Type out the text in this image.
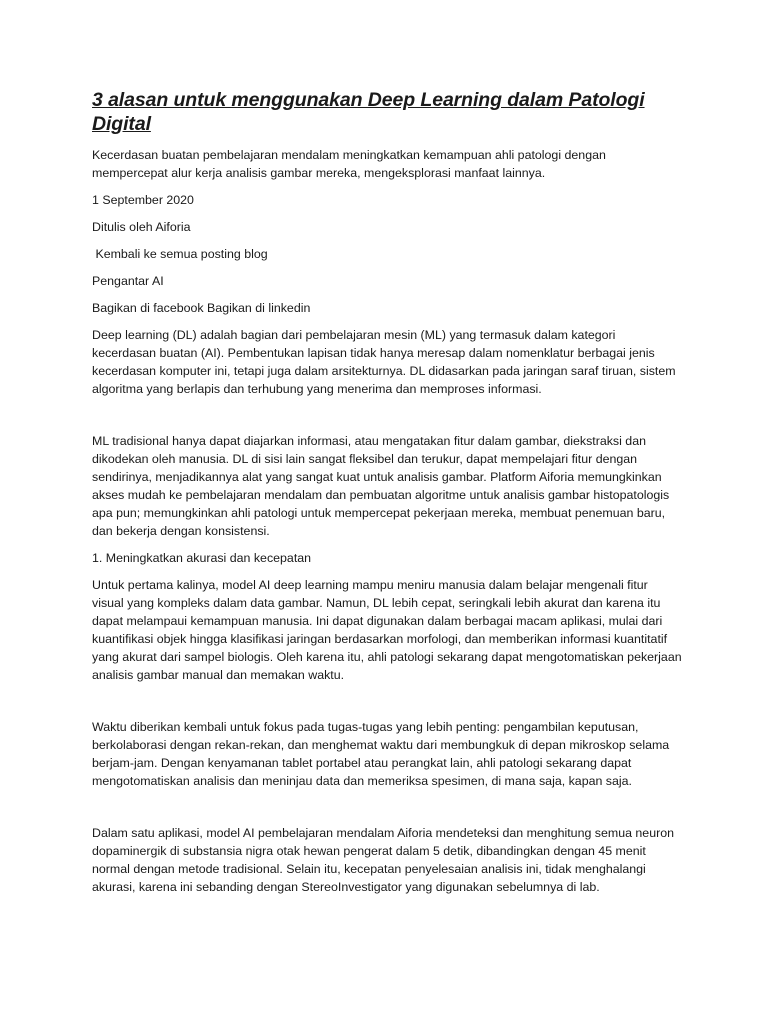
3 alasan untuk menggunakan Deep Learning dalam Patologi Digital

Kecerdasan buatan pembelajaran mendalam meningkatkan kemampuan ahli patologi dengan mempercepat alur kerja analisis gambar mereka, mengeksplorasi manfaat lainnya.

1 September 2020

Ditulis oleh Aiforia

Kembali ke semua posting blog

Pengantar AI

Bagikan di facebook Bagikan di linkedin

Deep learning (DL) adalah bagian dari pembelajaran mesin (ML) yang termasuk dalam kategori kecerdasan buatan (AI). Pembentukan lapisan tidak hanya meresap dalam nomenklatur berbagai jenis kecerdasan komputer ini, tetapi juga dalam arsitekturnya. DL didasarkan pada jaringan saraf tiruan, sistem algoritma yang berlapis dan terhubung yang menerima dan memproses informasi.

ML tradisional hanya dapat diajarkan informasi, atau mengatakan fitur dalam gambar, diekstraksi dan dikodekan oleh manusia. DL di sisi lain sangat fleksibel dan terukur, dapat mempelajari fitur dengan sendirinya, menjadikannya alat yang sangat kuat untuk analisis gambar. Platform Aiforia memungkinkan akses mudah ke pembelajaran mendalam dan pembuatan algoritme untuk analisis gambar histopatologis apa pun; memungkinkan ahli patologi untuk mempercepat pekerjaan mereka, membuat penemuan baru, dan bekerja dengan konsistensi.

1. Meningkatkan akurasi dan kecepatan

Untuk pertama kalinya, model AI deep learning mampu meniru manusia dalam belajar mengenali fitur visual yang kompleks dalam data gambar. Namun, DL lebih cepat, seringkali lebih akurat dan karena itu dapat melampaui kemampuan manusia. Ini dapat digunakan dalam berbagai macam aplikasi, mulai dari kuantifikasi objek hingga klasifikasi jaringan berdasarkan morfologi, dan memberikan informasi kuantitatif yang akurat dari sampel biologis. Oleh karena itu, ahli patologi sekarang dapat mengotomatiskan pekerjaan analisis gambar manual dan memakan waktu.

Waktu diberikan kembali untuk fokus pada tugas-tugas yang lebih penting: pengambilan keputusan, berkolaborasi dengan rekan-rekan, dan menghemat waktu dari membungkuk di depan mikroskop selama berjam-jam. Dengan kenyamanan tablet portabel atau perangkat lain, ahli patologi sekarang dapat mengotomatiskan analisis dan meninjau data dan memeriksa spesimen, di mana saja, kapan saja.

Dalam satu aplikasi, model AI pembelajaran mendalam Aiforia mendeteksi dan menghitung semua neuron dopaminergik di substansia nigra otak hewan pengerat dalam 5 detik, dibandingkan dengan 45 menit normal dengan metode tradisional. Selain itu, kecepatan penyelesaian analisis ini, tidak menghalangi akurasi, karena ini sebanding dengan StereoInvestigator yang digunakan sebelumnya di lab.
